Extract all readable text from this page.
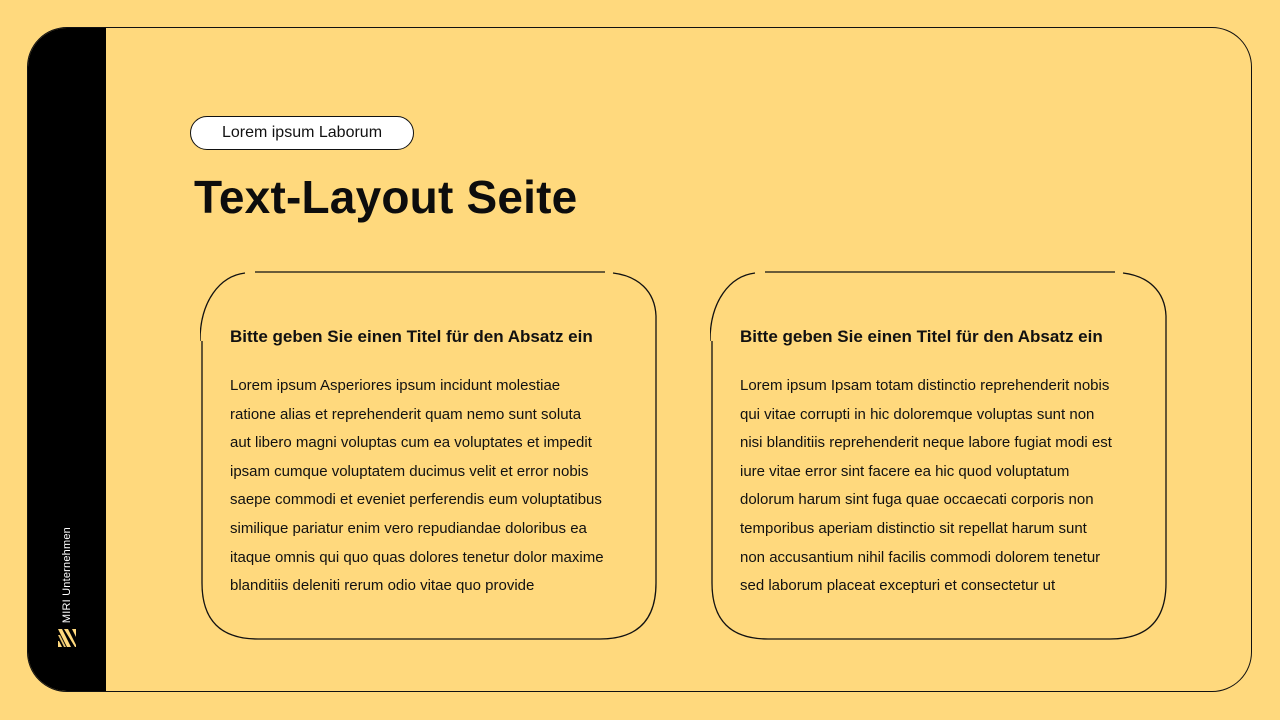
MIRI Unternehmen
Lorem ipsum Laborum
Text-Layout Seite
Bitte geben Sie einen Titel für den Absatz ein
Lorem ipsum Asperiores ipsum incidunt molestiae
ratione alias et reprehenderit quam nemo sunt soluta
aut libero magni voluptas cum ea voluptates et impedit
ipsam cumque voluptatem ducimus velit et error nobis
saepe commodi et eveniet perferendis eum voluptatibus
similique pariatur enim vero repudiandae doloribus ea
itaque omnis qui quo quas dolores tenetur dolor maxime
blanditiis deleniti rerum odio vitae quo provide
Bitte geben Sie einen Titel für den Absatz ein
Lorem ipsum Ipsam totam distinctio reprehenderit nobis
qui vitae corrupti in hic doloremque voluptas sunt non
nisi blanditiis reprehenderit neque labore fugiat modi est
iure vitae error sint facere ea hic quod voluptatum
dolorum harum sint fuga quae occaecati corporis non
temporibus aperiam distinctio sit repellat harum sunt
non accusantium nihil facilis commodi dolorem tenetur
sed laborum placeat excepturi et consectetur ut
